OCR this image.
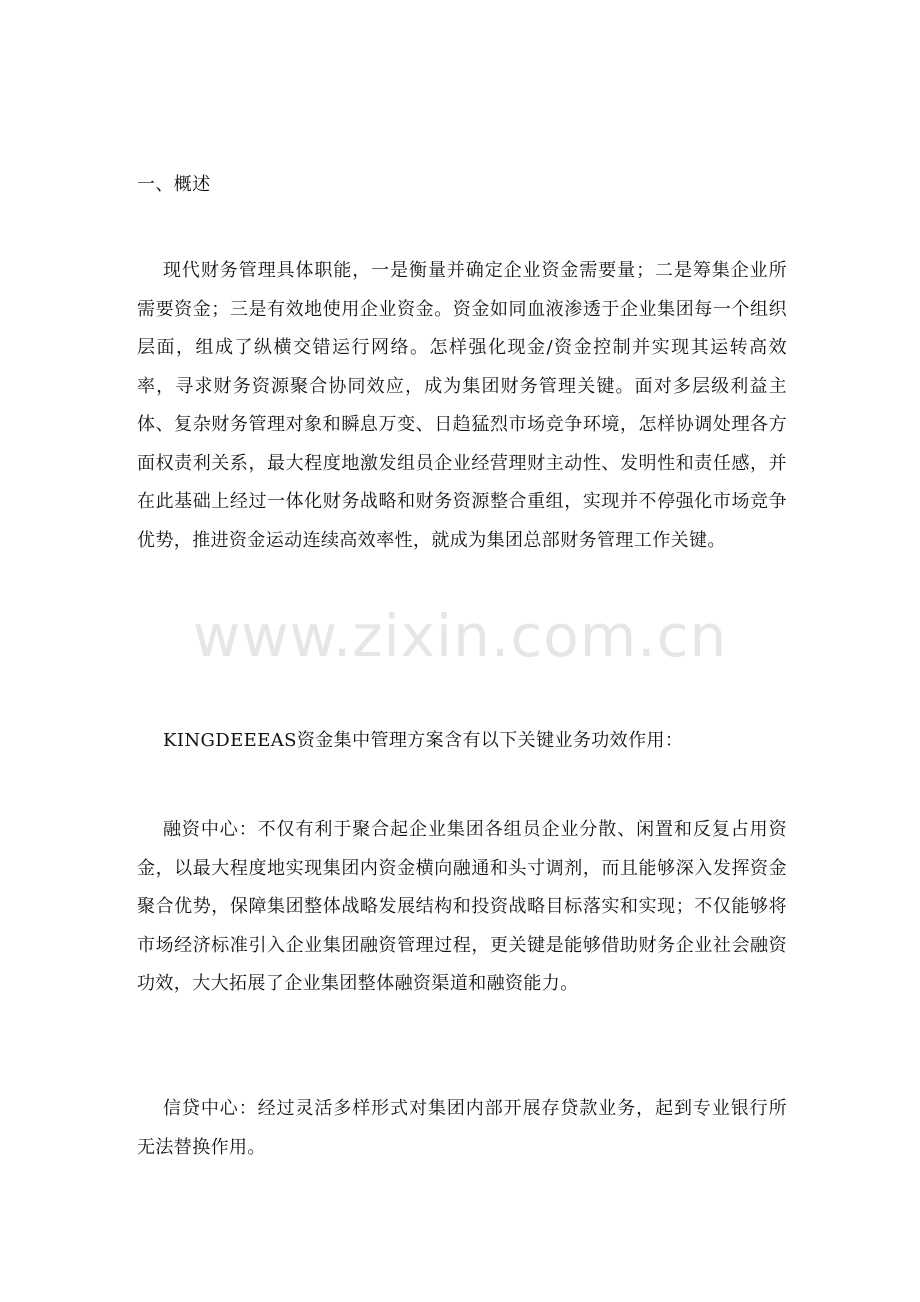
一、概述

现代财务管理具体职能，一是衡量并确定企业资金需要量；二是筹集企业所需要资金；三是有效地使用企业资金。资金如同血液渗透于企业集团每一个组织层面，组成了纵横交错运行网络。怎样强化现金/资金控制并实现其运转高效率，寻求财务资源聚合协同效应，成为集团财务管理关键。面对多层级利益主体、复杂财务管理对象和瞬息万变、日趋猛烈市场竞争环境，怎样协调处理各方面权责利关系，最大程度地激发组员企业经营理财主动性、发明性和责任感，并在此基础上经过一体化财务战略和财务资源整合重组，实现并不停强化市场竞争优势，推进资金运动连续高效率性，就成为集团总部财务管理工作关键。

KINGDEEEAS资金集中管理方案含有以下关键业务功效作用：

融资中心：不仅有利于聚合起企业集团各组员企业分散、闲置和反复占用资金，以最大程度地实现集团内资金横向融通和头寸调剂，而且能够深入发挥资金聚合优势，保障集团整体战略发展结构和投资战略目标落实和实现；不仅能够将市场经济标准引入企业集团融资管理过程，更关键是能够借助财务企业社会融资功效，大大拓展了企业集团整体融资渠道和融资能力。

信贷中心：经过灵活多样形式对集团内部开展存贷款业务，起到专业银行所无法替换作用。

www.zixin.com.cn
